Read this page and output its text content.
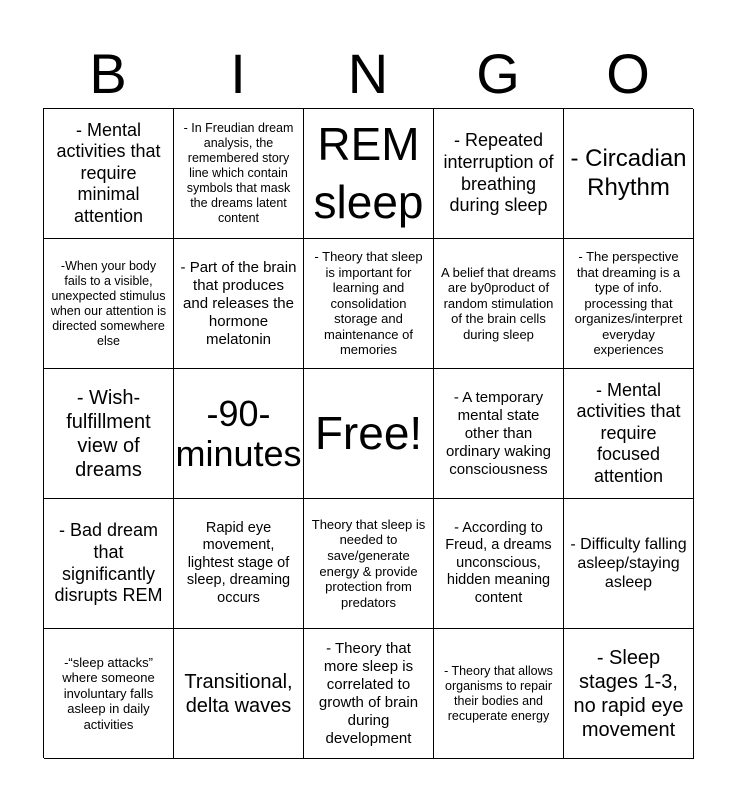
B	I	N	G	O
- Mental activities that require minimal attention
- In Freudian dream analysis, the remembered story line which contain symbols that mask the dreams latent content
REM sleep
- Repeated interruption of breathing during sleep
- Circadian Rhythm
-When your body fails to a visible, unexpected stimulus when our attention is directed somewhere else
- Part of the brain that produces and releases the hormone melatonin
- Theory that sleep is important for learning and consolidation storage and maintenance of memories
A belief that dreams are by0product of random stimulation of the brain cells during sleep
- The perspective that dreaming is a type of info. processing that organizes/interpret everyday experiences
- Wish-fulfillment view of dreams
-90-minutes Free!
- A temporary mental state other than ordinary waking consciousness
- Mental activities that require focused attention
- Bad dream that significantly disrupts REM
Rapid eye movement, lightest stage of sleep, dreaming occurs
Theory that sleep is needed to save/generate energy & provide protection from predators
- According to Freud, a dreams unconscious, hidden meaning content
- Difficulty falling asleep/staying asleep
-“sleep attacks” where someone involuntary falls asleep in daily activities
Transitional, delta waves
- Theory that more sleep is correlated to growth of brain during development
- Theory that allows organisms to repair their bodies and recuperate energy
- Sleep stages 1-3, no rapid eye movement
